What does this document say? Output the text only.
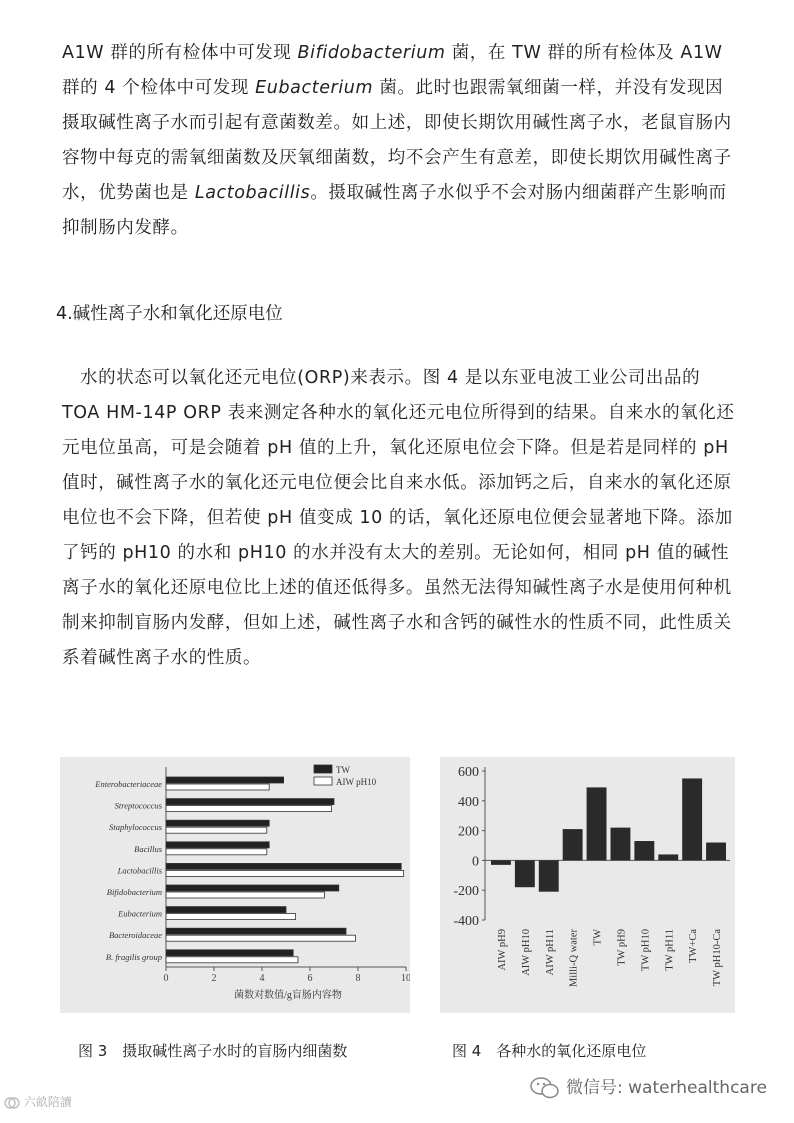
A1W 群的所有检体中可发现 Bifidobacterium 菌，在 TW 群的所有检体及 A1W 群的 4 个检体中可发现 Eubacterium 菌。此时也跟需氧细菌一样，并没有发现因摄取碱性离子水而引起有意菌数差。如上述，即使长期饮用碱性离子水，老鼠盲肠内容物中每克的需氧细菌数及厌氧细菌数，均不会产生有意差，即使长期饮用碱性离子水，优势菌也是 Lactobacillis。摄取碱性离子水似乎不会对肠内细菌群产生影响而抑制肠内发酵。

4.碱性离子水和氧化还原电位

水的状态可以氧化还元电位(ORP)来表示。图 4 是以东亚电波工业公司出品的 TOA HM-14P ORP 表来测定各种水的氧化还元电位所得到的结果。自来水的氧化还元电位虽高，可是会随着 pH 值的上升，氧化还原电位会下降。但是若是同样的 pH 值时，碱性离子水的氧化还元电位便会比自来水低。添加钙之后，自来水的氧化还原电位也不会下降，但若使 pH 值变成 10 的话，氧化还原电位便会显著地下降。添加了钙的 pH10 的水和 pH10 的水并没有太大的差别。无论如何，相同 pH 值的碱性离子水的氧化还原电位比上述的值还低得多。虽然无法得知碱性离子水是使用何种机制来抑制盲肠内发酵，但如上述，碱性离子水和含钙的碱性水的性质不同，此性质关系着碱性离子水的性质。

Enterobacteriaceae
Streptococcus
Staphylococcus
Bacillus
Lactobacillis
Bifidobacterium
Eubacterium
Bacteroidaceae
B. fragilis group
0	2	4	6	8	10
菌数对数值/g盲肠内容物
TW
AIW pH10
600
400
200
0
-200
-400
AIW pH9 AIW pH10 AIW pH11 Milli-Q water TW TW pH9 TW pH10 TW pH11 TW+Ca TW pH10-Ca
图 3　摄取碱性离子水时的盲肠内细菌数	图 4　各种水的氧化还原电位
微信号: waterhealthcare
六畝陪讀
